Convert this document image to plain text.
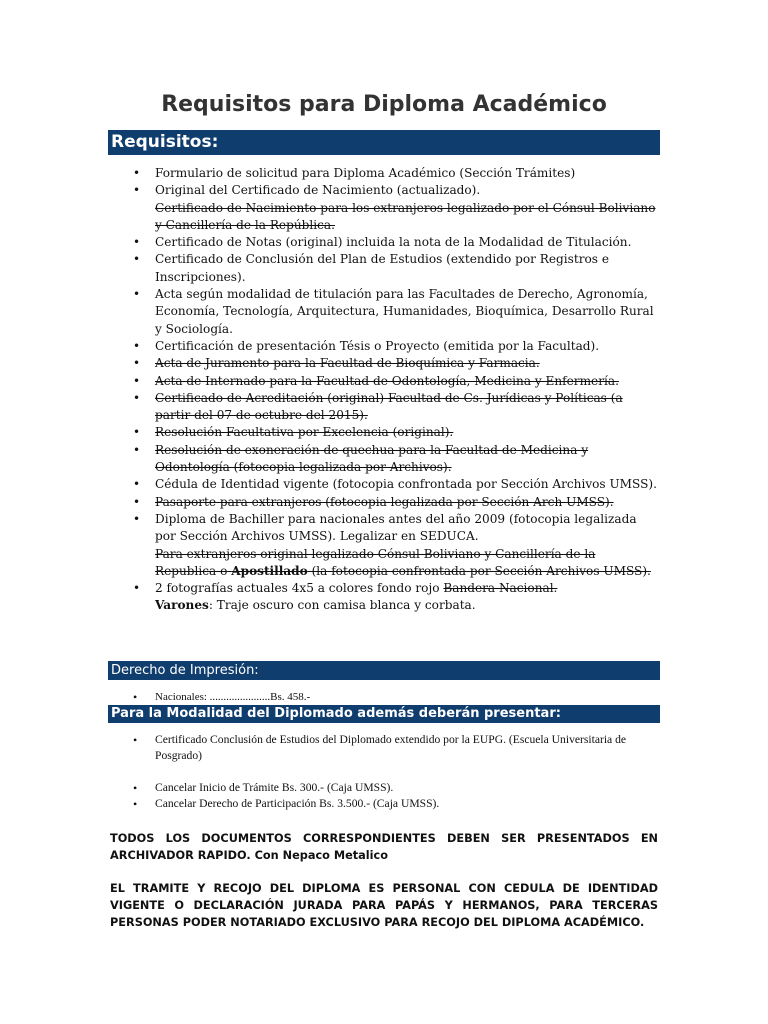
Requisitos para Diploma Académico
Requisitos:
• Formulario de solicitud para Diploma Académico (Sección Trámites)
• Original del Certificado de Nacimiento (actualizado).
Certificado de Nacimiento para los extranjeros legalizado por el Cónsul Boliviano y Cancillería de la República.
• Certificado de Notas (original) incluida la nota de la Modalidad de Titulación.
• Certificado de Conclusión del Plan de Estudios (extendido por Registros e Inscripciones).
• Acta según modalidad de titulación para las Facultades de Derecho, Agronomía, Economía, Tecnología, Arquitectura, Humanidades, Bioquímica, Desarrollo Rural y Sociología.
• Certificación de presentación Tésis o Proyecto (emitida por la Facultad).
• Acta de Juramento para la Facultad de Bioquímica y Farmacia.
• Acta de Internado para la Facultad de Odontología, Medicina y Enfermería.
• Certificado de Acreditación (original) Facultad de Cs. Jurídicas y Políticas (a partir del 07 de octubre del 2015).
• Resolución Facultativa por Excelencia (original).
• Resolución de exoneración de quechua para la Facultad de Medicina y Odontología (fotocopia legalizada por Archivos).
• Cédula de Identidad vigente (fotocopia confrontada por Sección Archivos UMSS).
• Pasaporte para extranjeros (fotocopia legalizada por Sección Arch UMSS).
• Diploma de Bachiller para nacionales antes del año 2009 (fotocopia legalizada por Sección Archivos UMSS). Legalizar en SEDUCA.
Para extranjeros original legalizado Cónsul Boliviano y Cancillería de la Republica o Apostillado (la fotocopia confrontada por Sección Archivos UMSS).
• 2 fotografías actuales 4x5 a colores fondo rojo Bandera Nacional.
Varones: Traje oscuro con camisa blanca y corbata.
Derecho de Impresión:
• Nacionales: ......................Bs. 458.-
Para la Modalidad del Diplomado además deberán presentar:
• Certificado Conclusión de Estudios del Diplomado extendido por la EUPG. (Escuela Universitaria de Posgrado)
• Cancelar Inicio de Trámite Bs. 300.- (Caja UMSS).
• Cancelar Derecho de Participación Bs. 3.500.- (Caja UMSS).

TODOS LOS DOCUMENTOS CORRESPONDIENTES DEBEN SER PRESENTADOS EN ARCHIVADOR RAPIDO. Con Nepaco Metalico

EL TRAMITE Y RECOJO DEL DIPLOMA ES PERSONAL CON CEDULA DE IDENTIDAD VIGENTE O DECLARACIÓN JURADA PARA PAPÁS Y HERMANOS, PARA TERCERAS PERSONAS PODER NOTARIADO EXCLUSIVO PARA RECOJO DEL DIPLOMA ACADÉMICO.
